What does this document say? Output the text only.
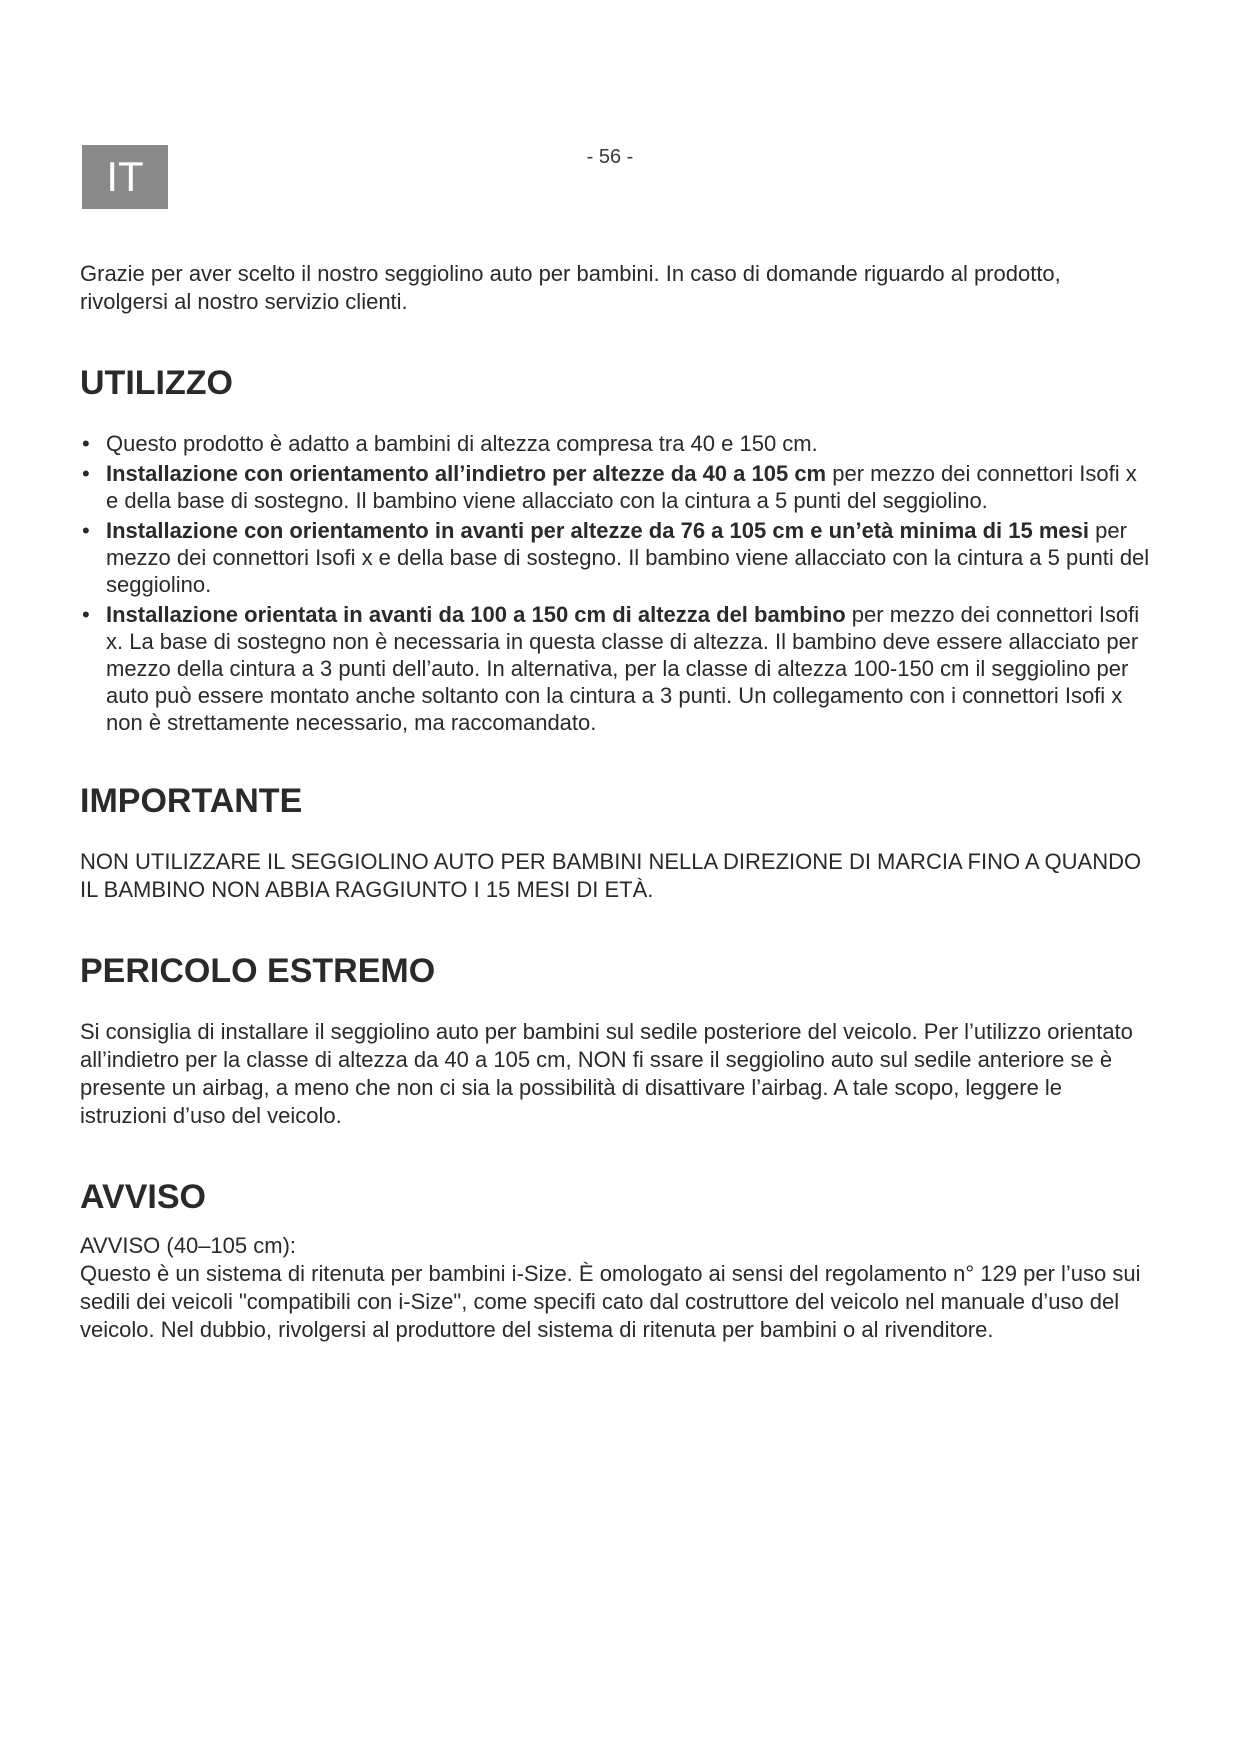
IT	- 56 -

Grazie per aver scelto il nostro seggiolino auto per bambini. In caso di domande riguardo al prodotto, rivolgersi al nostro servizio clienti.

UTILIZZO
• Questo prodotto è adatto a bambini di altezza compresa tra 40 e 150 cm.
• Installazione con orientamento all’indietro per altezze da 40 a 105 cm per mezzo dei connettori Isofi x e della base di sostegno. Il bambino viene allacciato con la cintura a 5 punti del seggiolino.
• Installazione con orientamento in avanti per altezze da 76 a 105 cm e un’età minima di 15 mesi per mezzo dei connettori Isofi x e della base di sostegno. Il bambino viene allacciato con la cintura a 5 punti del seggiolino.
• Installazione orientata in avanti da 100 a 150 cm di altezza del bambino per mezzo dei connettori Isofi x. La base di sostegno non è necessaria in questa classe di altezza. Il bambino deve essere allacciato per mezzo della cintura a 3 punti dell’auto. In alternativa, per la classe di altezza 100-150 cm il seggiolino per auto può essere montato anche soltanto con la cintura a 3 punti. Un collegamento con i connettori Isofi x non è strettamente necessario, ma raccomandato.
IMPORTANTE

NON UTILIZZARE IL SEGGIOLINO AUTO PER BAMBINI NELLA DIREZIONE DI MARCIA FINO A QUANDO IL BAMBINO NON ABBIA RAGGIUNTO I 15 MESI DI ETÀ.

PERICOLO ESTREMO

Si consiglia di installare il seggiolino auto per bambini sul sedile posteriore del veicolo. Per l’utilizzo orientato all’indietro per la classe di altezza da 40 a 105 cm, NON fi ssare il seggiolino auto sul sedile anteriore se è presente un airbag, a meno che non ci sia la possibilità di disattivare l’airbag. A tale scopo, leggere le istruzioni d’uso del veicolo.

AVVISO

AVVISO (40–105 cm):

Questo è un sistema di ritenuta per bambini i-Size. È omologato ai sensi del regolamento n° 129 per l’uso sui sedili dei veicoli "compatibili con i-Size", come specifi cato dal costruttore del veicolo nel manuale d’uso del veicolo. Nel dubbio, rivolgersi al produttore del sistema di ritenuta per bambini o al rivenditore.
